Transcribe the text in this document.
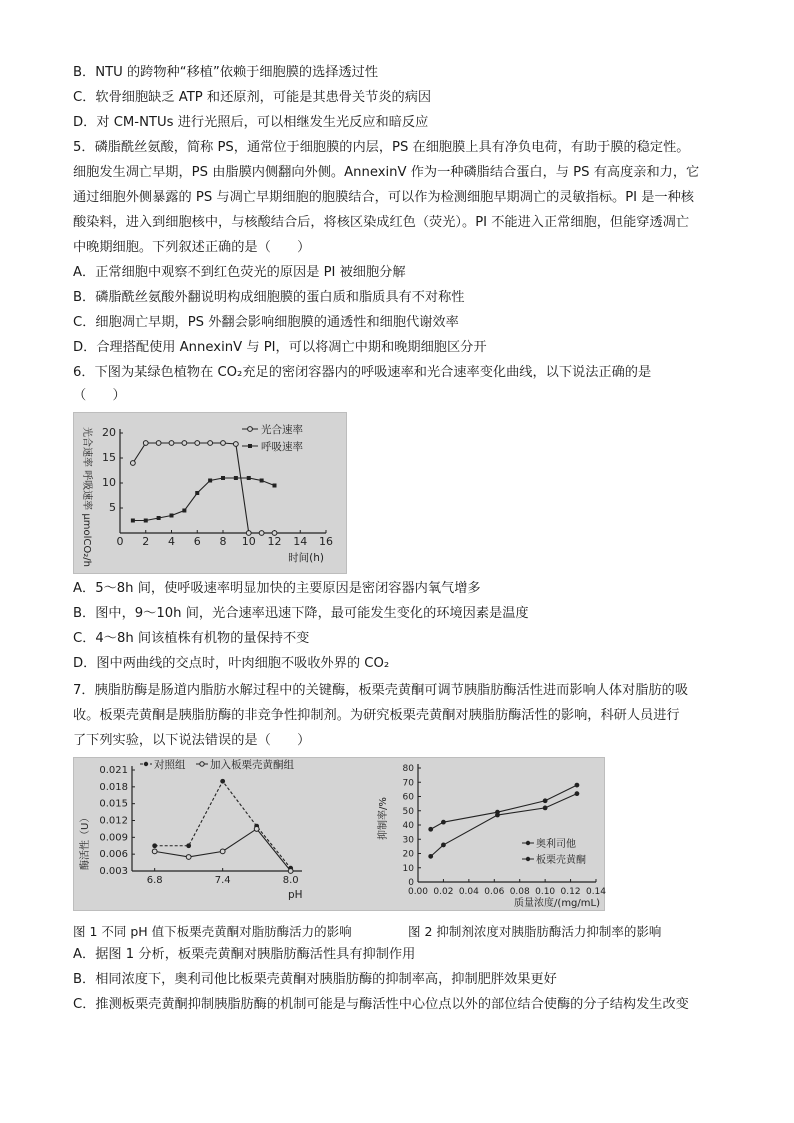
B．NTU 的跨物种“移植”依赖于细胞膜的选择透过性
C．软骨细胞缺乏 ATP 和还原剂，可能是其患骨关节炎的病因
D．对 CM-NTUs 进行光照后，可以相继发生光反应和暗反应
5．磷脂酰丝氨酸，简称 PS，通常位于细胞膜的内层，PS 在细胞膜上具有净负电荷，有助于膜的稳定性。
细胞发生凋亡早期，PS 由脂膜内侧翻向外侧。AnnexinV 作为一种磷脂结合蛋白，与 PS 有高度亲和力，它
通过细胞外侧暴露的 PS 与凋亡早期细胞的胞膜结合，可以作为检测细胞早期凋亡的灵敏指标。PI 是一种核
酸染料，进入到细胞核中，与核酸结合后，将核区染成红色（荧光）。PI 不能进入正常细胞，但能穿透凋亡
中晚期细胞。下列叙述正确的是（　　）
A．正常细胞中观察不到红色荧光的原因是 PI 被细胞分解
B．磷脂酰丝氨酸外翻说明构成细胞膜的蛋白质和脂质具有不对称性
C．细胞凋亡早期，PS 外翻会影响细胞膜的通透性和细胞代谢效率
D．合理搭配使用 AnnexinV 与 PI，可以将凋亡中期和晚期细胞区分开
6．下图为某绿色植物在 CO₂充足的密闭容器内的呼吸速率和光合速率变化曲线，以下说法正确的是
（　　）
0 2 4 6 8 10 12 14 16
5
10
15
20
光合速率 呼吸速率 μmolCO₂/h	时间(h)
光合速率
呼吸速率
A．5～8h 间，使呼吸速率明显加快的主要原因是密闭容器内氧气增多
B．图中，9～10h 间，光合速率迅速下降，最可能发生变化的环境因素是温度
C．4～8h 间该植株有机物的量保持不变
D．图中两曲线的交点时，叶肉细胞不吸收外界的 CO₂
7．胰脂肪酶是肠道内脂肪水解过程中的关键酶，板栗壳黄酮可调节胰脂肪酶活性进而影响人体对脂肪的吸
收。板栗壳黄酮是胰脂肪酶的非竞争性抑制剂。为研究板栗壳黄酮对胰脂肪酶活性的影响，科研人员进行
了下列实验，以下说法错误的是（　　）
6.8	7.4	8.0
0.003
0.006
0.009
0.012
0.015
0.018
0.021
酶活性（U）
pH
对照组 加入板栗壳黄酮组
0.00 0.02 0.04 0.06 0.08 0.10 0.12 0.14
0
10
20
30
40
50
60
70
80
抑制率/%
质量浓度/(mg/mL)
奥利司他
板栗壳黄酮
图 1 不同 pH 值下板栗壳黄酮对脂肪酶活力的影响	图 2 抑制剂浓度对胰脂肪酶活力抑制率的影响
A．据图 1 分析，板栗壳黄酮对胰脂肪酶活性具有抑制作用
B．相同浓度下，奥利司他比板栗壳黄酮对胰脂肪酶的抑制率高，抑制肥胖效果更好
C．推测板栗壳黄酮抑制胰脂肪酶的机制可能是与酶活性中心位点以外的部位结合使酶的分子结构发生改变
